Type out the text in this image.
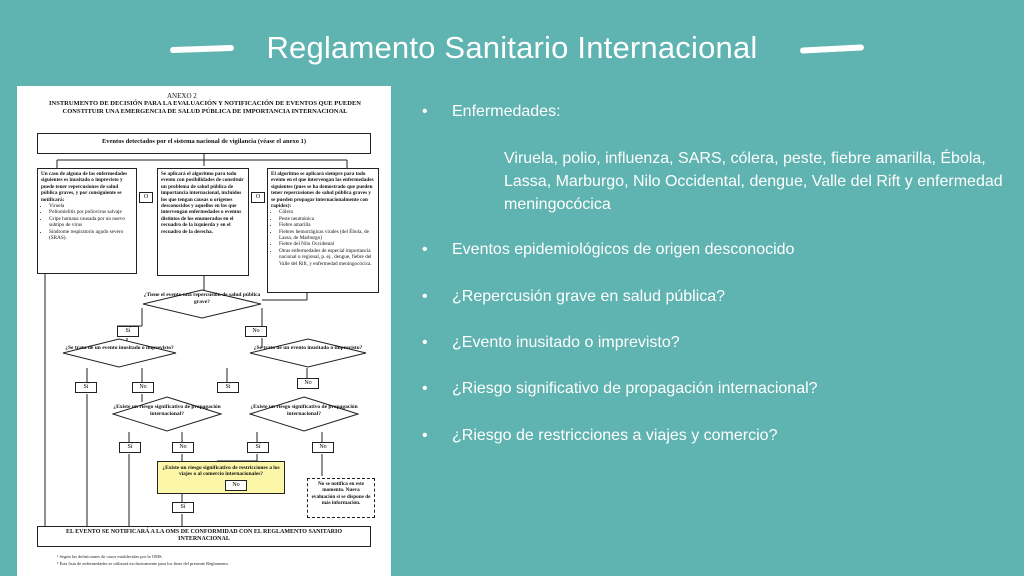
Reglamento Sanitario Internacional
ANEXO 2
INSTRUMENTO DE DECISIÓN PARA LA EVALUACIÓN Y NOTIFICACIÓN DE EVENTOS QUE PUEDEN CONSTITUIR UNA EMERGENCIA DE SALUD PÚBLICA DE IMPORTANCIA INTERNACIONAL
Eventos detectados por el sistema nacional de vigilancia (véase el anexo 1)
Un caso de alguna de las enfermedades siguientes es inusitado o imprevisto y puede tener repercusiones de salud pública graves, y por consiguiente se notificará:
• Viruela
• Poliomielitis por poliovirus salvaje
• Gripe humana causada por un nuevo subtipo de virus
• Síndrome respiratorio agudo severo (SRAS).
O
Se aplicará el algoritmo para todo evento con posibilidades de constituir un problema de salud pública de importancia internacional, incluidos los que tengan causas u orígenes desconocidos y aquellos en los que intervengan enfermedades o eventos distintos de los enumerados en el recuadro de la izquierda y en el recuadro de la derecha.
O
El algoritmo se aplicará siempre para todo evento en el que intervengan las enfermedades siguientes (pues se ha demostrado que pueden tener repercusiones de salud pública graves y se pueden propagar internacionalmente con rapidez):
• Cólera
• Peste neumónica
• Fiebre amarilla
• Fiebres hemorrágicas virales (del Ébola, de Lassa, de Marburgo)
• Fiebre del Nilo Occidental
• Otras enfermedades de especial importancia nacional o regional, p. ej., dengue, fiebre del Valle del Rift, y enfermedad meningocócica.
¿Tiene el evento una repercusión de salud pública grave?
Sí	No
¿Se trata de un evento inusitado o imprevisto?	¿Se trata de un evento inusitado o imprevisto?
Sí	No	Sí
No
¿Existe un riesgo significativo de propagación internacional?
¿Existe un riesgo significativo de propagación internacional?
Sí	No	Sí	No
¿Existe un riesgo significativo de restricciones a los viajes o al comercio internacionales?
Sí
No	No se notifica en este momento. Nueva evaluación si se dispone de más información.
EL EVENTO SE NOTIFICARÁ A LA OMS DE CONFORMIDAD CON EL REGLAMENTO SANITARIO INTERNACIONAL
¹ Según las definiciones de casos establecidas por la OMS.
² Esta lista de enfermedades se utilizará exclusivamente para los fines del presente Reglamento.
• Enfermedades:
Viruela, polio, influenza, SARS, cólera, peste, fiebre amarilla, Ébola, Lassa, Marburgo, Nilo Occidental, dengue, Valle del Rift y enfermedad meningocócica
• Eventos epidemiológicos de origen desconocido
• ¿Repercusión grave en salud pública?
• ¿Evento inusitado o imprevisto?
• ¿Riesgo significativo de propagación internacional?
• ¿Riesgo de restricciones a viajes y comercio?
